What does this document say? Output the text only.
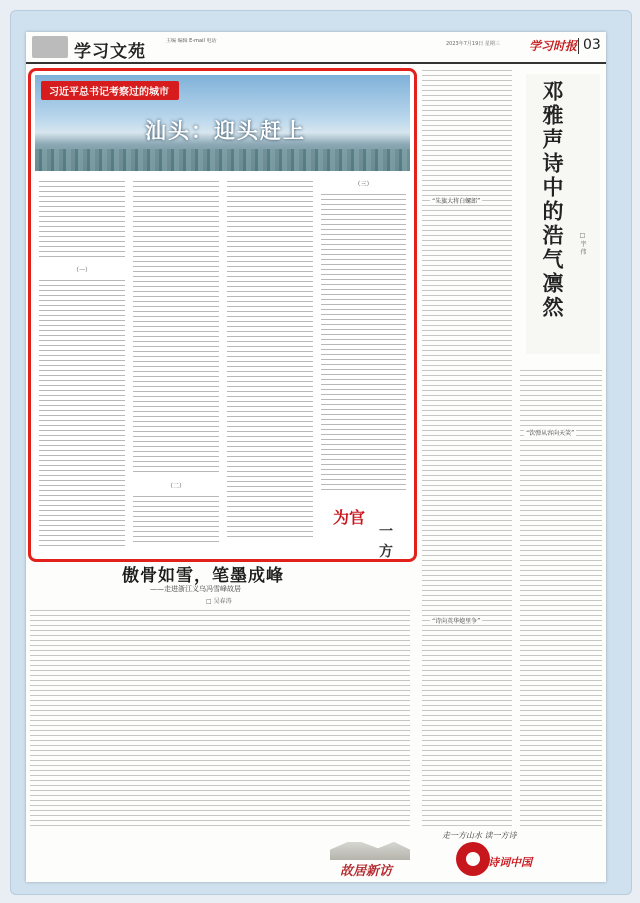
学习文苑
主编 编辑 E-mail 电话	2023年7月19日 星期三 学习时报 03
习近平总书记考察过的城市
汕头：迎头赶上
（一）
（二）
（三）
为官
一方
邓雅声诗中的浩气凛然 □ 宇 伟
“朱旗大将白螺郎”
“饮弹从容向天笑”
“诗向英华炮里争”
傲骨如雪，笔墨成峰
——走进浙江义乌冯雪峰故居
□ 吴春涛
故居新访
走一方山水 读一方诗
诗词中国
